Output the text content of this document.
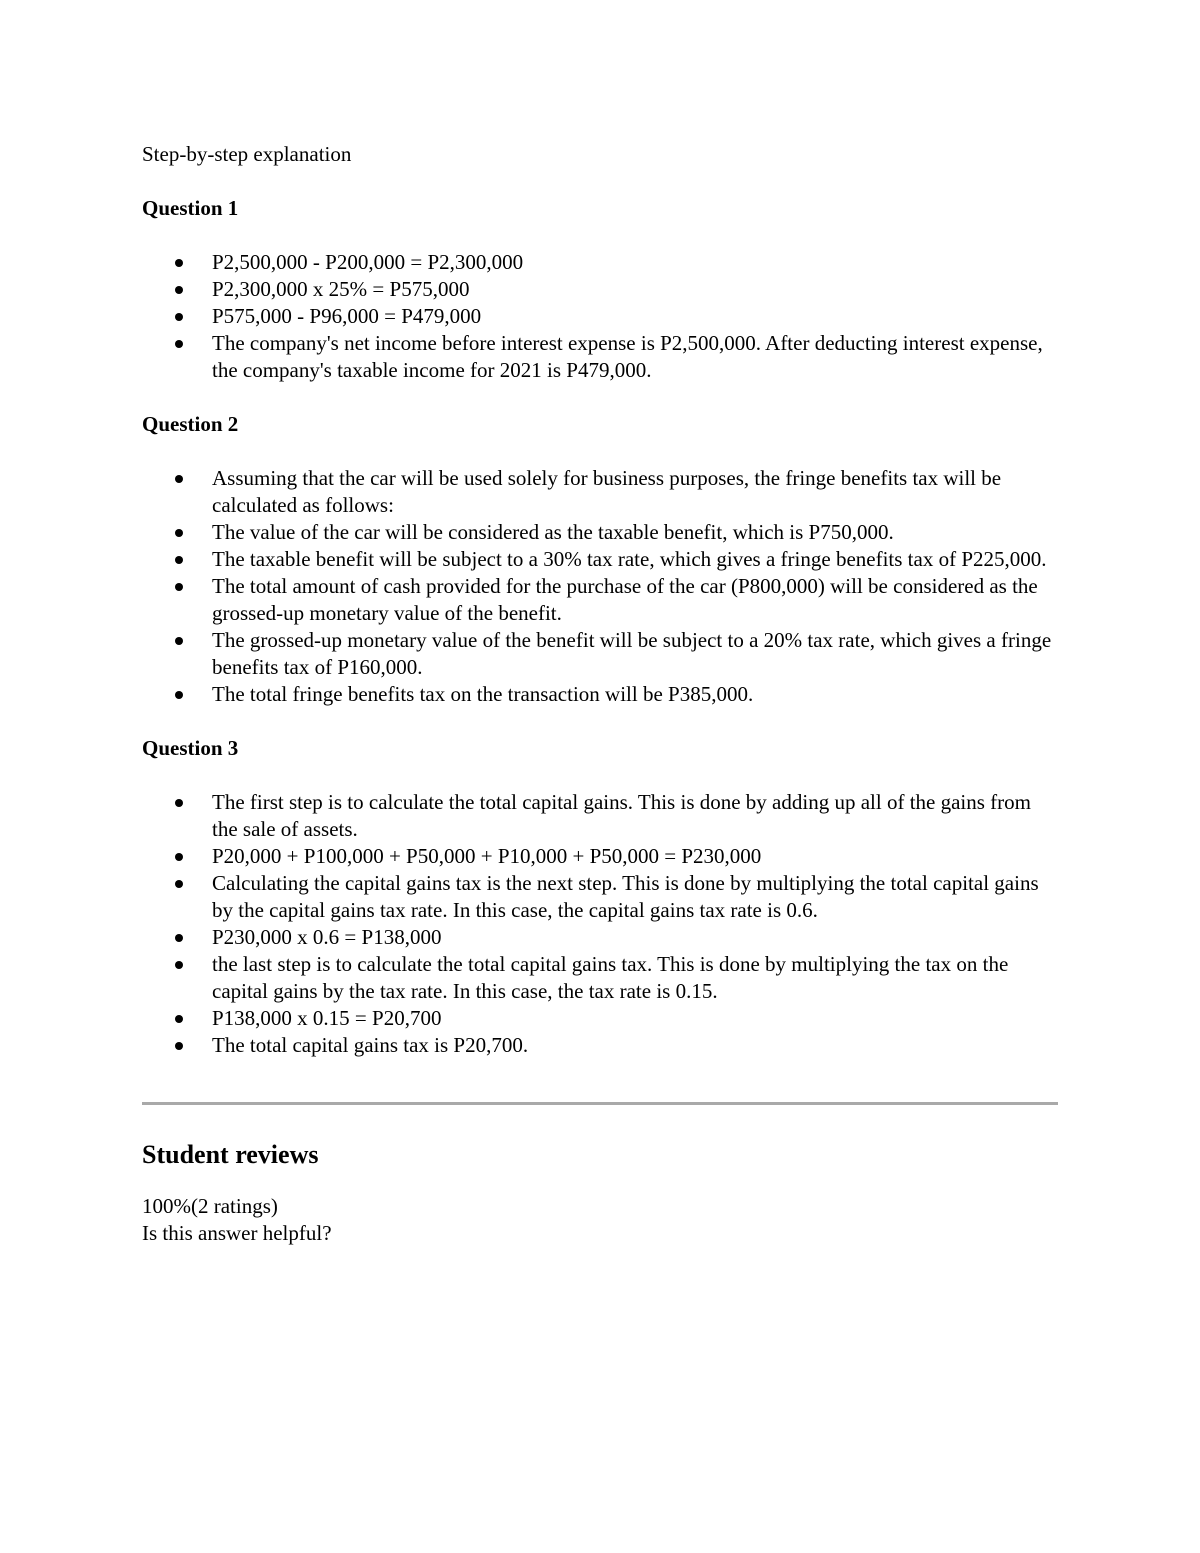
Step-by-step explanation
Question 1
P2,500,000 - P200,000 = P2,300,000
P2,300,000 x 25% = P575,000
P575,000 - P96,000 = P479,000
The company's net income before interest expense is P2,500,000. After deducting interest expense, the company's taxable income for 2021 is P479,000.
Question 2
Assuming that the car will be used solely for business purposes, the fringe benefits tax will be calculated as follows:
The value of the car will be considered as the taxable benefit, which is P750,000.
The taxable benefit will be subject to a 30% tax rate, which gives a fringe benefits tax of P225,000.
The total amount of cash provided for the purchase of the car (P800,000) will be considered as the grossed-up monetary value of the benefit.
The grossed-up monetary value of the benefit will be subject to a 20% tax rate, which gives a fringe benefits tax of P160,000.
The total fringe benefits tax on the transaction will be P385,000.
Question 3
The first step is to calculate the total capital gains. This is done by adding up all of the gains from the sale of assets.
P20,000 + P100,000 + P50,000 + P10,000 + P50,000 = P230,000
Calculating the capital gains tax is the next step. This is done by multiplying the total capital gains by the capital gains tax rate. In this case, the capital gains tax rate is 0.6.
P230,000 x 0.6 = P138,000
the last step is to calculate the total capital gains tax. This is done by multiplying the tax on the capital gains by the tax rate. In this case, the tax rate is 0.15.
P138,000 x 0.15 = P20,700
The total capital gains tax is P20,700.
Student reviews
100%(2 ratings)
Is this answer helpful?
